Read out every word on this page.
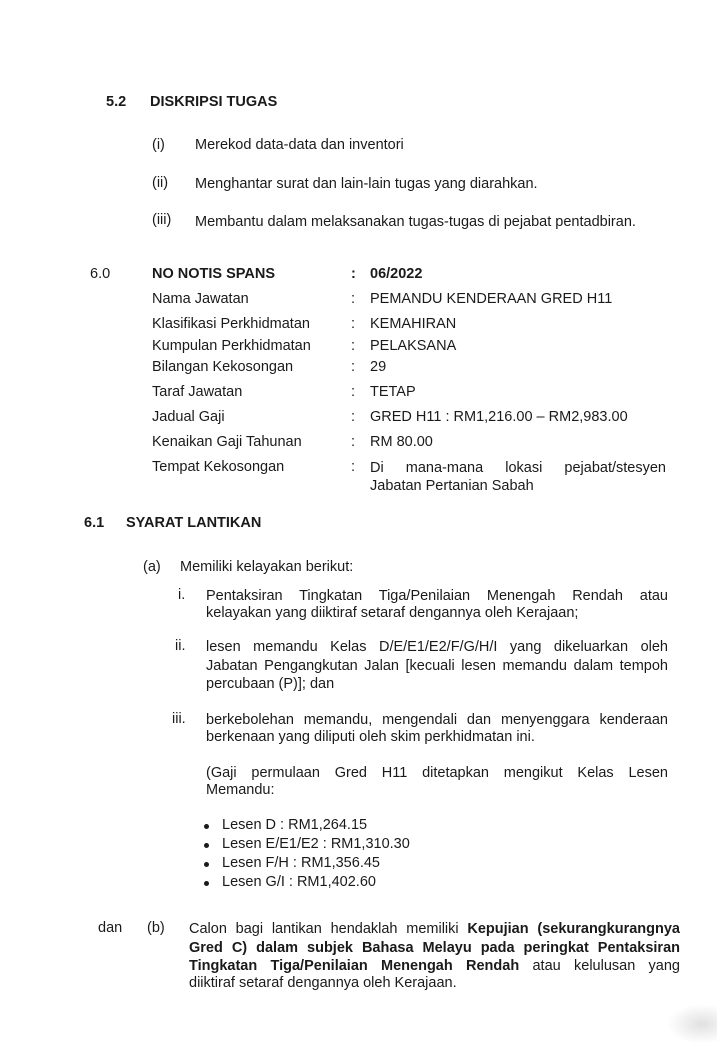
5.2 DISKRIPSI TUGAS
(i) Merekod data-data dan inventori
(ii) Menghantar surat dan lain-lain tugas yang diarahkan.
(iii) Membantu dalam melaksanakan tugas-tugas di pejabat pentadbiran.
6.0	NO NOTIS SPANS	: 06/2022
Nama Jawatan	: PEMANDU KENDERAAN GRED H11
Klasifikasi Perkhidmatan	: KEMAHIRAN
Kumpulan Perkhidmatan	: PELAKSANA
Bilangan Kekosongan	: 29
Taraf Jawatan	: TETAP
Jadual Gaji	: GRED H11 : RM1,216.00 – RM2,983.00
Kenaikan Gaji Tahunan	: RM 80.00
Tempat Kekosongan	: Di mana-mana lokasi pejabat/stesyen
Jabatan Pertanian Sabah
6.1 SYARAT LANTIKAN
(a) Memiliki kelayakan berikut:
i. Pentaksiran Tingkatan Tiga/Penilaian Menengah Rendah atau
kelayakan yang diiktiraf setaraf dengannya oleh Kerajaan;
ii. lesen memandu Kelas D/E/E1/E2/F/G/H/I yang dikeluarkan oleh
Jabatan Pengangkutan Jalan [kecuali lesen memandu dalam tempoh
percubaan (P)]; dan
iii. berkebolehan memandu, mengendali dan menyenggara kenderaan
berkenaan yang diliputi oleh skim perkhidmatan ini.
(Gaji permulaan Gred H11 ditetapkan mengikut Kelas Lesen
Memandu:
Lesen D : RM1,264.15
Lesen E/E1/E2 : RM1,310.30
Lesen F/H : RM1,356.45
Lesen G/I : RM1,402.60
dan (b) Calon bagi lantikan hendaklah memiliki Kepujian (sekurangkurangnya
Gred C) dalam subjek Bahasa Melayu pada peringkat Pentaksiran
Tingkatan Tiga/Penilaian Menengah Rendah atau kelulusan yang
diiktiraf setaraf dengannya oleh Kerajaan.
